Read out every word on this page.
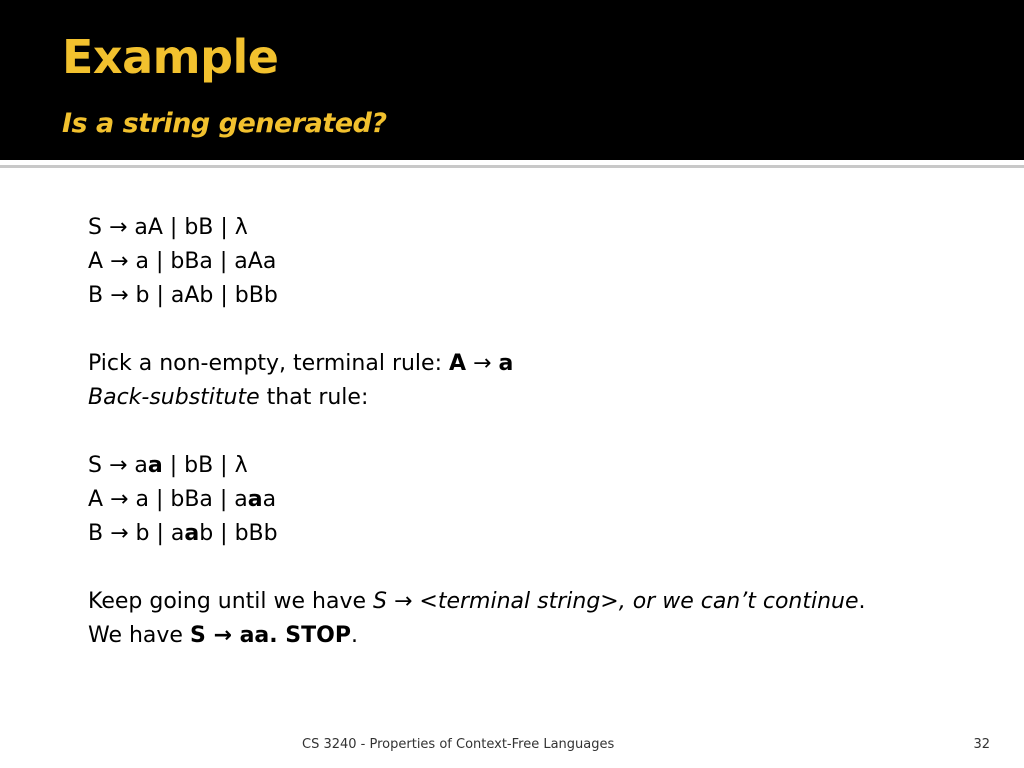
Example
Is a string generated?
S → aA | bB | λ
A → a | bBa | aAa
B → b | aAb | bBb
Pick a non-empty, terminal rule: A → a
Back-substitute that rule:
S → aa | bB | λ
A → a | bBa | aaa
B → b | aab | bBb
Keep going until we have S → <terminal string>, or we can’t continue.
We have S → aa. STOP.
CS 3240 - Properties of Context-Free Languages	32
